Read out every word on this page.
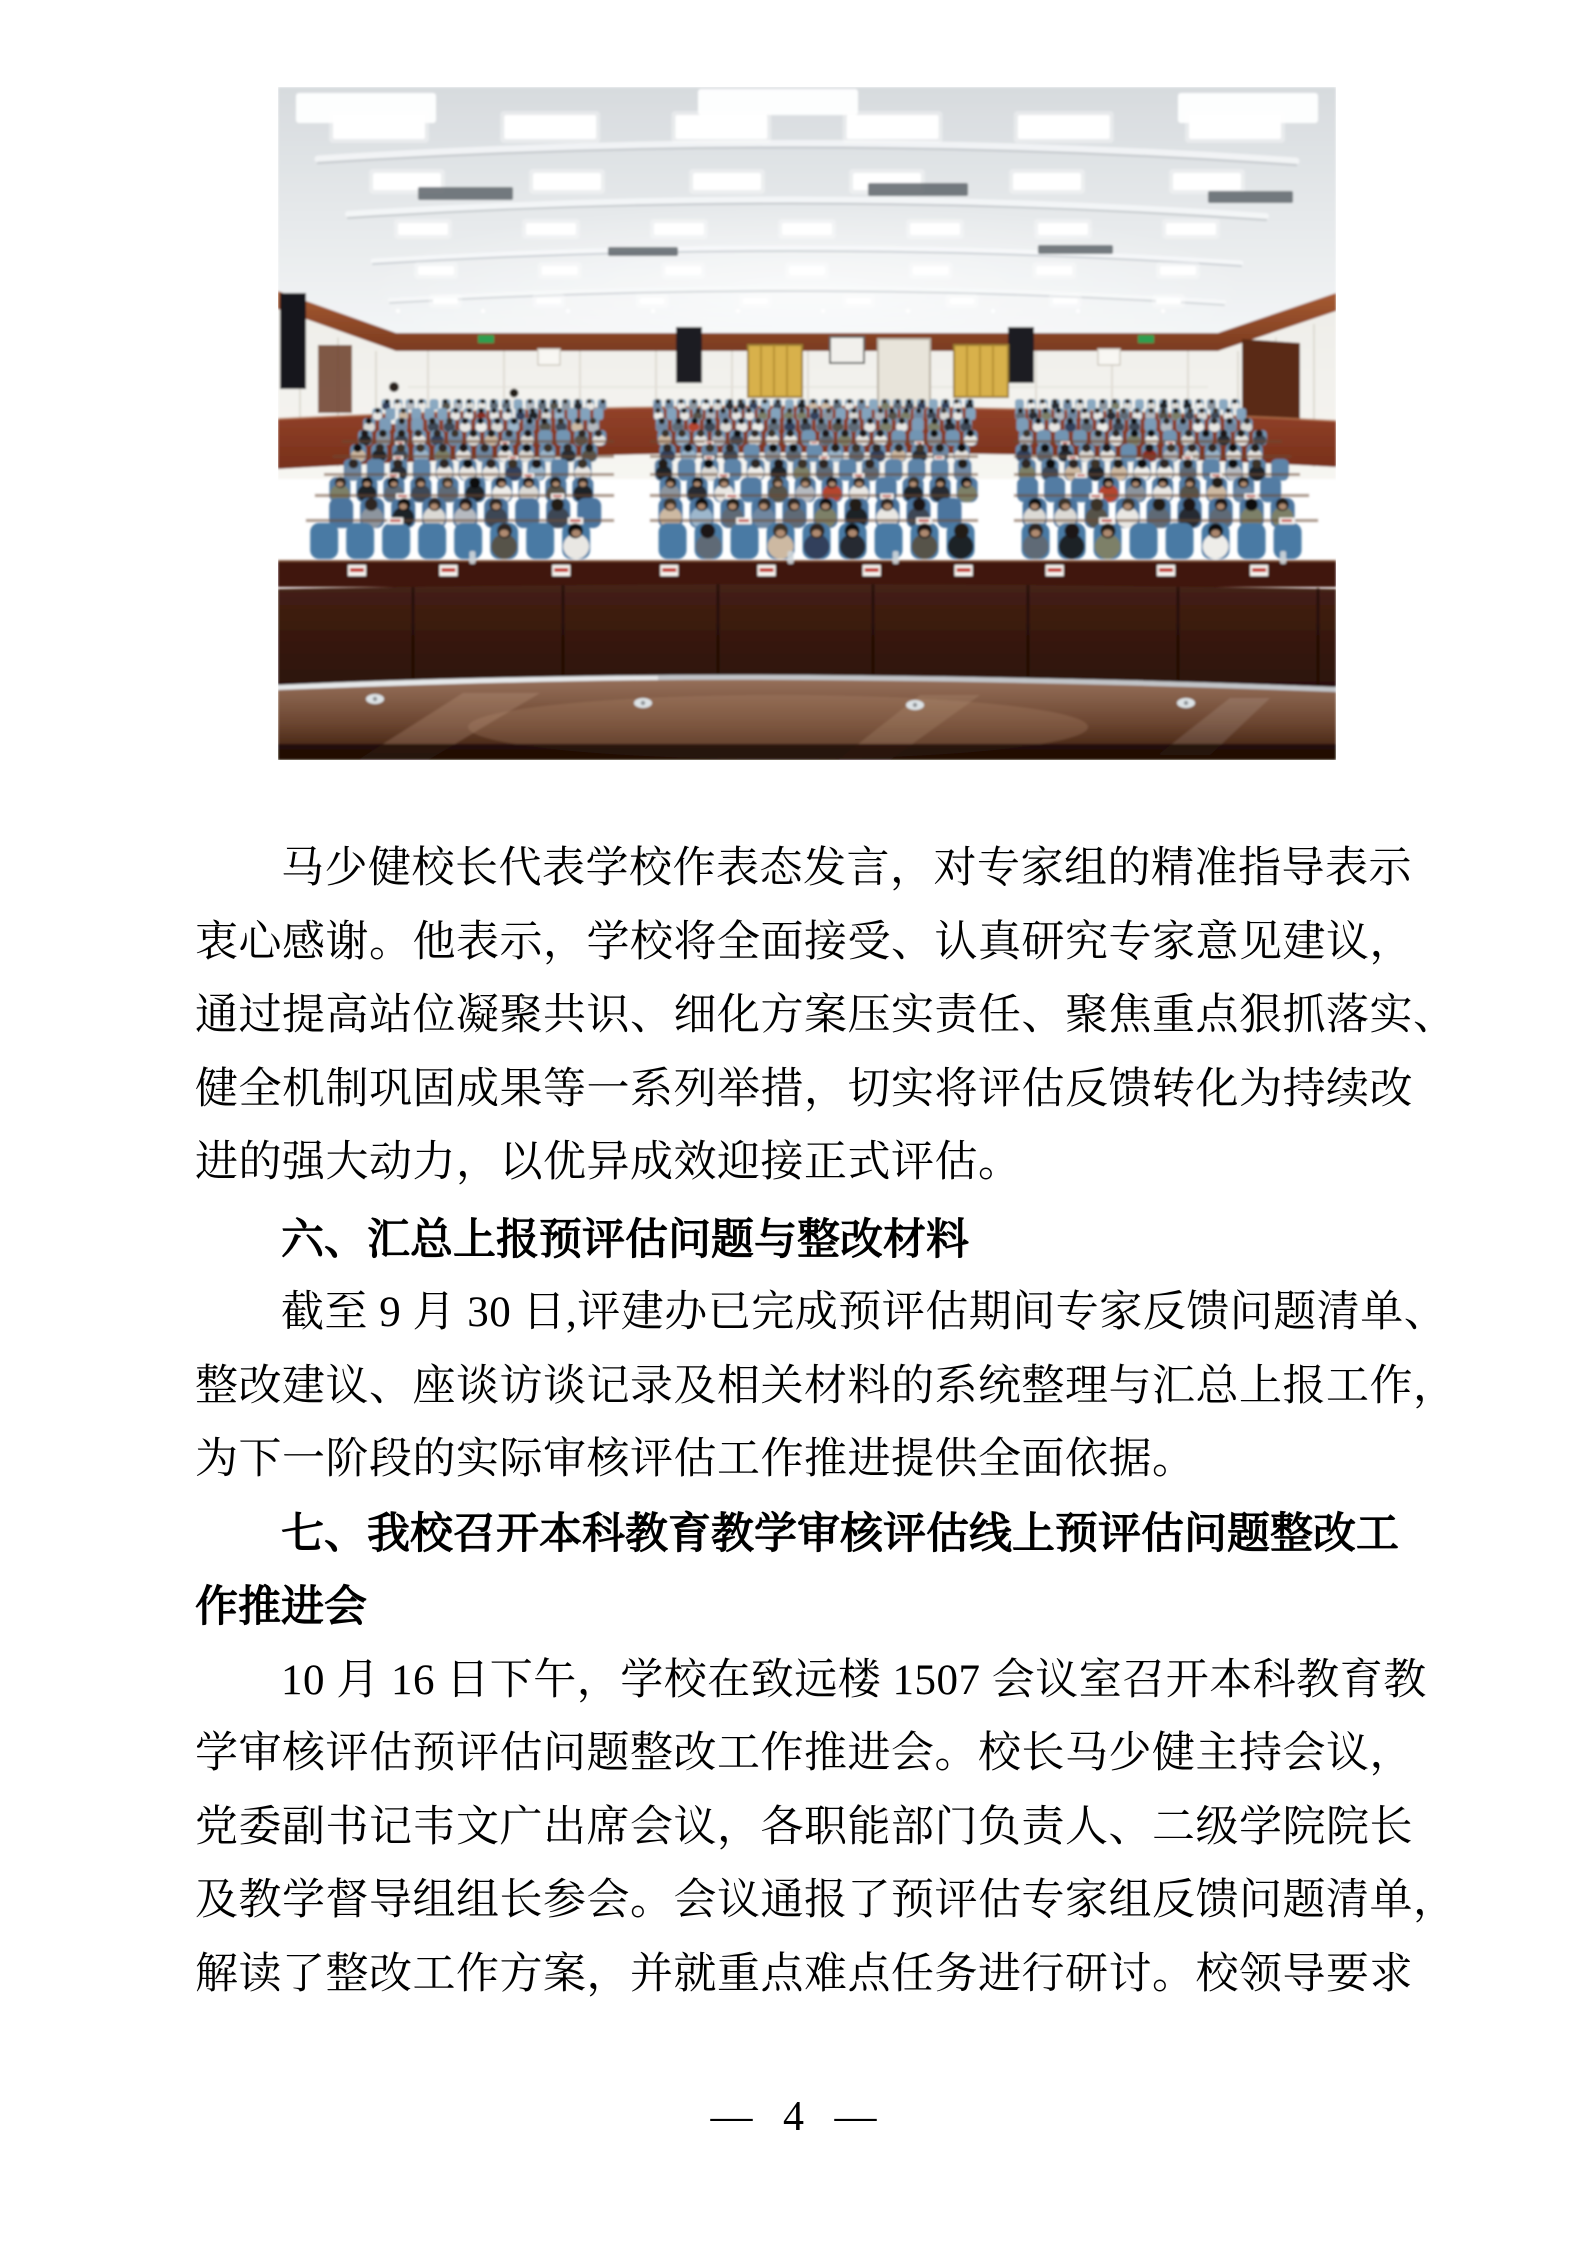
马少健校长代表学校作表态发言，对专家组的精准指导表示
衷心感谢。他表示，学校将全面接受、认真研究专家意见建议，
通过提高站位凝聚共识、细化方案压实责任、聚焦重点狠抓落实、
健全机制巩固成果等一系列举措，切实将评估反馈转化为持续改
进的强大动力，以优异成效迎接正式评估。
六、汇总上报预评估问题与整改材料
截至 9 月 30 日,评建办已完成预评估期间专家反馈问题清单、
整改建议、座谈访谈记录及相关材料的系统整理与汇总上报工作，
为下一阶段的实际审核评估工作推进提供全面依据。
七、我校召开本科教育教学审核评估线上预评估问题整改工
作推进会
10 月 16 日下午，学校在致远楼 1507 会议室召开本科教育教
学审核评估预评估问题整改工作推进会。校长马少健主持会议，
党委副书记韦文广出席会议，各职能部门负责人、二级学院院长
及教学督导组组长参会。会议通报了预评估专家组反馈问题清单，
解读了整改工作方案，并就重点难点任务进行研讨。校领导要求
— 4 —
